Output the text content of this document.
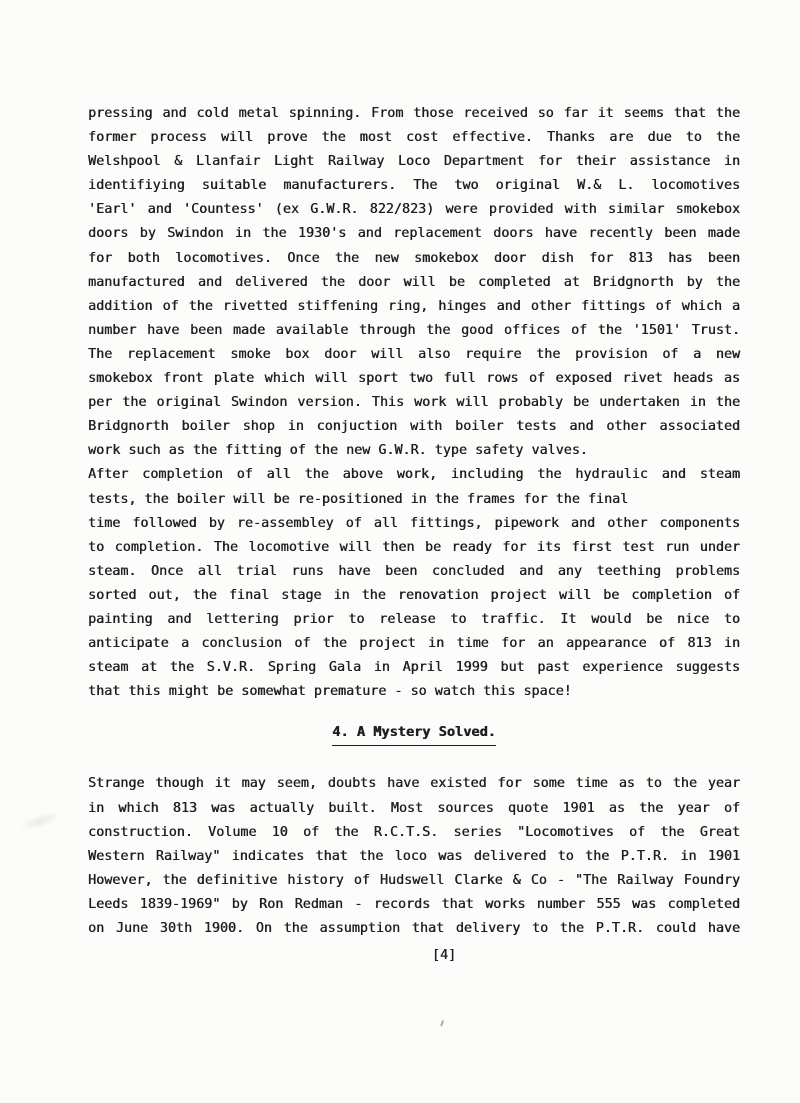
pressing and cold metal spinning. From those received so far it seems that the
former process will prove the most cost effective. Thanks are due to the
Welshpool & Llanfair Light Railway Loco Department for their assistance in
identifiying suitable manufacturers. The two original W.& L. locomotives
'Earl' and 'Countess' (ex G.W.R. 822/823) were provided with similar smokebox
doors by Swindon in the 1930's and replacement doors have recently been made
for both locomotives. Once the new smokebox door dish for 813 has been
manufactured and delivered the door will be completed at Bridgnorth by the
addition of the rivetted stiffening ring, hinges and other fittings of which a
number have been made available through the good offices of the '1501' Trust.
The replacement smoke box door will also require the provision of a new
smokebox front plate which will sport two full rows of exposed rivet heads as
per the original Swindon version. This work will probably be undertaken in the
Bridgnorth boiler shop in conjuction with boiler tests and other associated
work such as the fitting of the new G.W.R. type safety valves.
After completion of all the above work, including the hydraulic and steam
tests, the boiler will be re-positioned in the frames for the final
time followed by re-assembley of all fittings, pipework and other components
to completion. The locomotive will then be ready for its first test run under
steam. Once all trial runs have been concluded and any teething problems
sorted out, the final stage in the renovation project will be completion of
painting and lettering prior to release to traffic. It would be nice to
anticipate a conclusion of the project in time for an appearance of 813 in
steam at the S.V.R. Spring Gala in April 1999 but past experience suggests
that this might be somewhat premature - so watch this space!
4. A Mystery Solved.
Strange though it may seem, doubts have existed for some time as to the year
in which 813 was actually built. Most sources quote 1901 as the year of
construction. Volume 10 of the R.C.T.S. series "Locomotives of the Great
Western Railway" indicates that the loco was delivered to the P.T.R. in 1901
However, the definitive history of Hudswell Clarke & Co - "The Railway Foundry
Leeds 1839-1969" by Ron Redman - records that works number 555 was completed
on June 30th 1900. On the assumption that delivery to the P.T.R. could have
[4]
